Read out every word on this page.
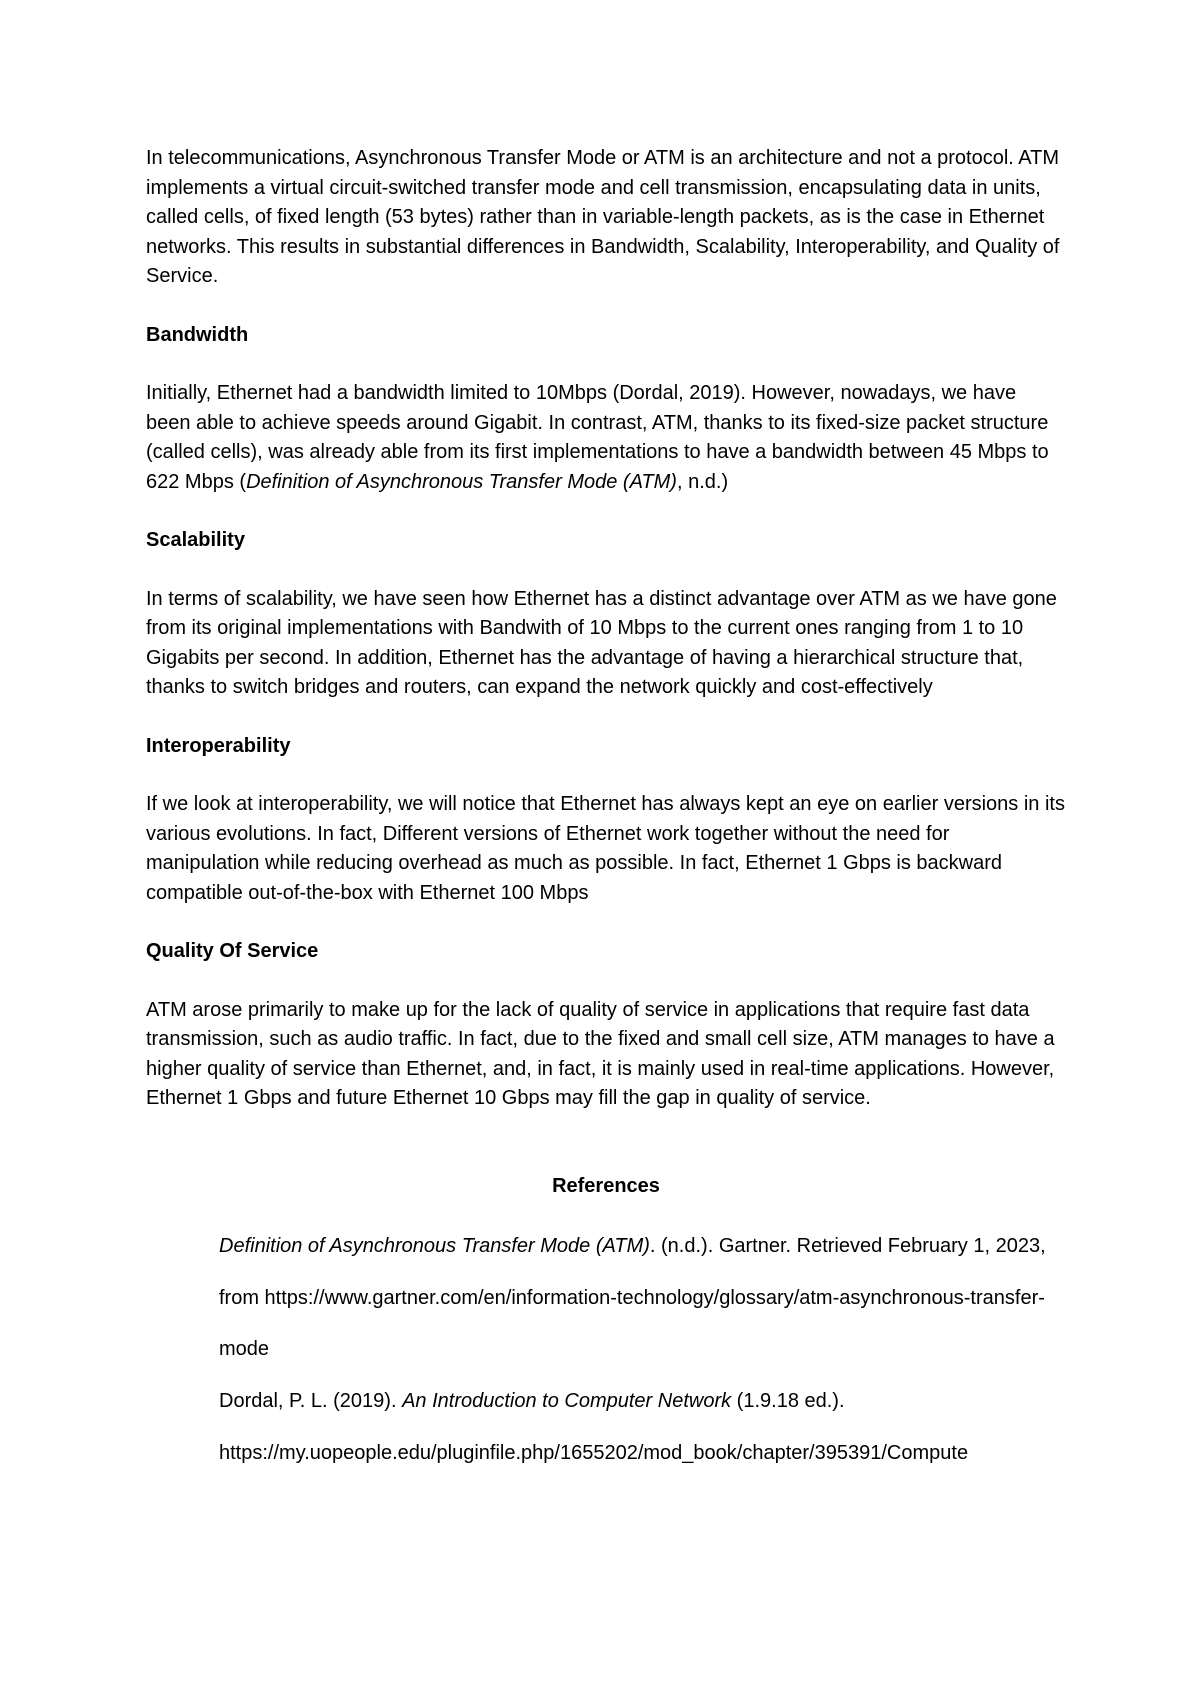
In telecommunications, Asynchronous Transfer Mode or ATM is an architecture and not a protocol. ATM implements a virtual circuit-switched transfer mode and cell transmission, encapsulating data in units, called cells, of fixed length (53 bytes) rather than in variable-length packets, as is the case in Ethernet networks. This results in substantial differences in Bandwidth, Scalability, Interoperability, and Quality of Service.

Bandwidth

Initially, Ethernet had a bandwidth limited to 10Mbps (Dordal, 2019). However, nowadays, we have been able to achieve speeds around Gigabit. In contrast, ATM, thanks to its fixed-size packet structure (called cells), was already able from its first implementations to have a bandwidth between 45 Mbps to 622 Mbps (Definition of Asynchronous Transfer Mode (ATM), n.d.)

Scalability

In terms of scalability, we have seen how Ethernet has a distinct advantage over ATM as we have gone from its original implementations with Bandwith of 10 Mbps to the current ones ranging from 1 to 10 Gigabits per second. In addition, Ethernet has the advantage of having a hierarchical structure that, thanks to switch bridges and routers, can expand the network quickly and cost-effectively

Interoperability

If we look at interoperability, we will notice that Ethernet has always kept an eye on earlier versions in its various evolutions. In fact, Different versions of Ethernet work together without the need for manipulation while reducing overhead as much as possible. In fact, Ethernet 1 Gbps is backward compatible out-of-the-box with Ethernet 100 Mbps

Quality Of Service

ATM arose primarily to make up for the lack of quality of service in applications that require fast data transmission, such as audio traffic. In fact, due to the fixed and small cell size, ATM manages to have a higher quality of service than Ethernet, and, in fact, it is mainly used in real-time applications. However, Ethernet 1 Gbps and future Ethernet 10 Gbps may fill the gap in quality of service.

References

Definition of Asynchronous Transfer Mode (ATM). (n.d.). Gartner. Retrieved February 1, 2023, from https://www.gartner.com/en/information-technology/glossary/atm-asynchronous-transfer-mode

Dordal, P. L. (2019). An Introduction to Computer Network (1.9.18 ed.).
https://my.uopeople.edu/pluginfile.php/1655202/mod_book/chapter/395391/Compute
